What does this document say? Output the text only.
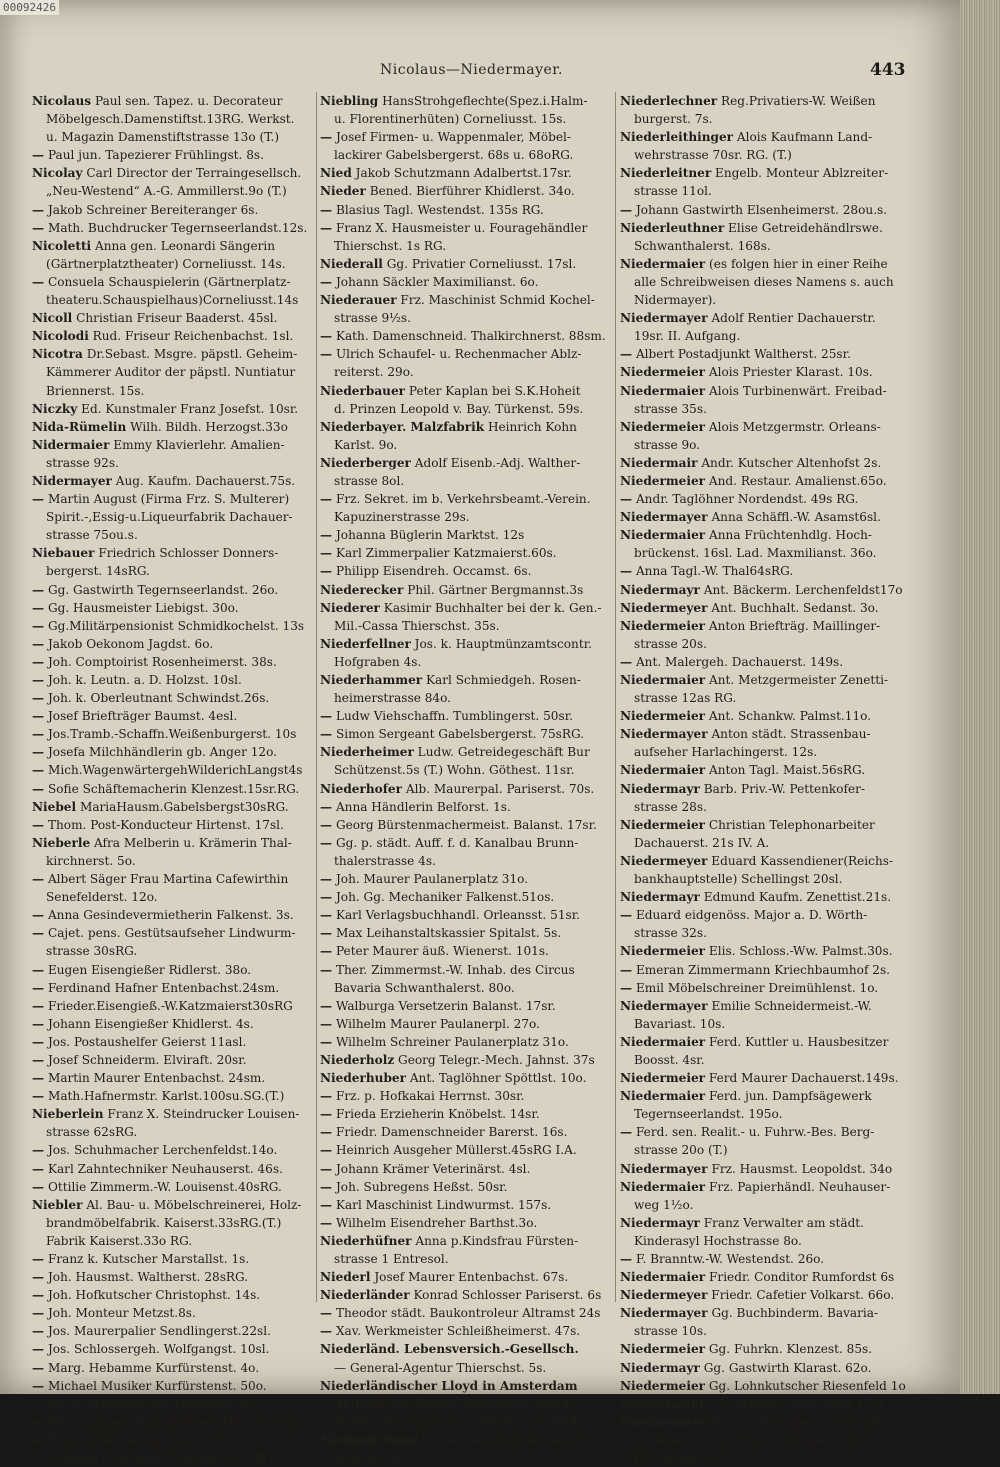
00092426
Nicolaus—Niedermayer.	443
Nicolaus Paul sen. Tapez. u. Decorateur
Möbelgesch.Damenstiftst.13RG. Werkst.
u. Magazin Damenstiftstrasse 13o (T.)
— Paul jun. Tapezierer Frühlingst. 8s.
Nicolay Carl Director der Terraingesellsch.
„Neu-Westend“ A.-G. Ammillerst.9o (T.)
— Jakob Schreiner Bereiteranger 6s.
— Math. Buchdrucker Tegernseerlandst.12s.
Nicoletti Anna gen. Leonardi Sängerin
(Gärtnerplatztheater) Corneliusst. 14s.
— Consuela Schauspielerin (Gärtnerplatz-
theateru.Schauspielhaus)Corneliusst.14s
Nicoll Christian Friseur Baaderst. 45sl.
Nicolodi Rud. Friseur Reichenbachst. 1sl.
Nicotra Dr.Sebast. Msgre. päpstl. Geheim-
Kämmerer Auditor der päpstl. Nuntiatur
Briennerst. 15s.
Niczky Ed. Kunstmaler Franz Josefst. 10sr.
Nida-Rümelin Wilh. Bildh. Herzogst.33o
Nidermaier Emmy Klavierlehr. Amalien-
strasse 92s.
Nidermayer Aug. Kaufm. Dachauerst.75s.
— Martin August (Firma Frz. S. Multerer)
Spirit.-,Essig-u.Liqueurfabrik Dachauer-
strasse 75ou.s.
Niebauer Friedrich Schlosser Donners-
bergerst. 14sRG.
— Gg. Gastwirth Tegernseerlandst. 26o.
— Gg. Hausmeister Liebigst. 30o.
— Gg.Militärpensionist Schmidkochelst. 13s
— Jakob Oekonom Jagdst. 6o.
— Joh. Comptoirist Rosenheimerst. 38s.
— Joh. k. Leutn. a. D. Holzst. 10sl.
— Joh. k. Oberleutnant Schwindst.26s.
— Josef Briefträger Baumst. 4esl.
— Jos.Tramb.-Schaffn.Weißenburgerst. 10s
— Josefa Milchhändlerin gb. Anger 12o.
— Mich.WagenwärtergehWilderichLangst4s
— Sofie Schäftemacherin Klenzest.15sr.RG.
Niebel MariaHausm.Gabelsbergst30sRG.
— Thom. Post-Konducteur Hirtenst. 17sl.
Nieberle Afra Melberin u. Krämerin Thal-
kirchnerst. 5o.
— Albert Säger Frau Martina Cafewirthin
Senefelderst. 12o.
— Anna Gesindevermietherin Falkenst. 3s.
— Cajet. pens. Gestütsaufseher Lindwurm-
strasse 30sRG.
— Eugen Eisengießer Ridlerst. 38o.
— Ferdinand Hafner Entenbachst.24sm.
— Frieder.Eisengieß.-W.Katzmaierst30sRG
— Johann Eisengießer Khidlerst. 4s.
— Jos. Postaushelfer Geierst 11asl.
— Josef Schneiderm. Elviraft. 20sr.
— Martin Maurer Entenbachst. 24sm.
— Math.Hafnermstr. Karlst.100su.SG.(T.)
Nieberlein Franz X. Steindrucker Louisen-
strasse 62sRG.
— Jos. Schuhmacher Lerchenfeldst.14o.
— Karl Zahntechniker Neuhauserst. 46s.
— Ottilie Zimmerm.-W. Louisenst.40sRG.
Niebler Al. Bau- u. Möbelschreinerei, Holz-
brandmöbelfabrik. Kaiserst.33sRG.(T.)
Fabrik Kaiserst.33o RG.
— Franz k. Kutscher Marstallst. 1s.
— Joh. Hausmst. Waltherst. 28sRG.
— Joh. Hofkutscher Christophst. 14s.
— Joh. Monteur Metzst.8s.
— Jos. Maurerpalier Sendlingerst.22sl.
— Jos. Schlossergeh. Wolfgangst. 10sl.
— Marg. Hebamme Kurfürstenst. 4o.
— Michael Musiker Kurfürstenst. 50o.
— Mich. Schuhmacher Isabellast. 8s.
— Mich. Zimmerm. Tegernseerlandst. 189s.
— Wilh. Schlosser Ungererst. 9os.
— Wilhelm Schreiner,Frühlingst.16sRG.
Niebling HansStrohgeflechte(Spez.i.Halm-
u. Florentinerhüten) Corneliusst. 15s.
— Josef Firmen- u. Wappenmaler, Möbel-
lackirer Gabelsbergerst. 68s u. 68oRG.
Nied Jakob Schutzmann Adalbertst.17sr.
Nieder Bened. Bierführer Khidlerst. 34o.
— Blasius Tagl. Westendst. 135s RG.
— Franz X. Hausmeister u. Fouragehändler
Thierschst. 1s RG.
Niederall Gg. Privatier Corneliusst. 17sl.
— Johann Säckler Maximilianst. 6o.
Niederauer Frz. Maschinist Schmid Kochel-
strasse 9½s.
— Kath. Damenschneid. Thalkirchnerst. 88sm.
— Ulrich Schaufel- u. Rechenmacher Ablz-
reiterst. 29o.
Niederbauer Peter Kaplan bei S.K.Hoheit
d. Prinzen Leopold v. Bay. Türkenst. 59s.
Niederbayer. Malzfabrik Heinrich Kohn
Karlst. 9o.
Niederberger Adolf Eisenb.-Adj. Walther-
strasse 8ol.
— Frz. Sekret. im b. Verkehrsbeamt.-Verein.
Kapuzinerstrasse 29s.
— Johanna Büglerin Marktst. 12s
— Karl Zimmerpalier Katzmaierst.60s.
— Philipp Eisendreh. Occamst. 6s.
Niederecker Phil. Gärtner Bergmannst.3s
Niederer Kasimir Buchhalter bei der k. Gen.-
Mil.-Cassa Thierschst. 35s.
Niederfellner Jos. k. Hauptmünzamtscontr.
Hofgraben 4s.
Niederhammer Karl Schmiedgeh. Rosen-
heimerstrasse 84o.
— Ludw Viehschaffn. Tumblingerst. 50sr.
— Simon Sergeant Gabelsbergerst. 75sRG.
Niederheimer Ludw. Getreidegeschäft Bur
Schützenst.5s (T.) Wohn. Göthest. 11sr.
Niederhofer Alb. Maurerpal. Pariserst. 70s.
— Anna Händlerin Belforst. 1s.
— Georg Bürstenmachermeist. Balanst. 17sr.
— Gg. p. städt. Auff. f. d. Kanalbau Brunn-
thalerstrasse 4s.
— Joh. Maurer Paulanerplatz 31o.
— Joh. Gg. Mechaniker Falkenst.51os.
— Karl Verlagsbuchhandl. Orleansst. 51sr.
— Max Leihanstaltskassier Spitalst. 5s.
— Peter Maurer äuß. Wienerst. 101s.
— Ther. Zimmermst.-W. Inhab. des Circus
Bavaria Schwanthalerst. 80o.
— Walburga Versetzerin Balanst. 17sr.
— Wilhelm Maurer Paulanerpl. 27o.
— Wilhelm Schreiner Paulanerplatz 31o.
Niederholz Georg Telegr.-Mech. Jahnst. 37s
Niederhuber Ant. Taglöhner Spöttlst. 10o.
— Frz. p. Hofkakai Herrnst. 30sr.
— Frieda Erzieherin Knöbelst. 14sr.
— Friedr. Damenschneider Barerst. 16s.
— Heinrich Ausgeher Müllerst.45sRG I.A.
— Johann Krämer Veterinärst. 4sl.
— Joh. Subregens Heßst. 50sr.
— Karl Maschinist Lindwurmst. 157s.
— Wilhelm Eisendreher Barthst.3o.
Niederhüfner Anna p.Kindsfrau Fürsten-
strasse 1 Entresol.
Niederl Josef Maurer Entenbachst. 67s.
Niederländer Konrad Schlosser Pariserst. 6s
— Theodor städt. Baukontroleur Altramst 24s
— Xav. Werkmeister Schleißheimerst. 47s.
Niederländ. Lebensversich.-Gesellsch.
— General-Agentur Thierschst. 5s.
Niederländischer Lloyd in Amsterdam
Abtheilg. für Einbruchdiebstahlversich.
Subdir. Fa. Schüleru. Löfflerkarlst. 54(T.)
Niederlechner Lorenz Monteur Ablzreiter-
strasse 23sr.RG.
Niederlechner Reg.Privatiers-W. Weißen
burgerst. 7s.
Niederleithinger Alois Kaufmann Land-
wehrstrasse 70sr. RG. (T.)
Niederleitner Engelb. Monteur Ablzreiter-
strasse 11ol.
— Johann Gastwirth Elsenheimerst. 28ou.s.
Niederleuthner Elise Getreidehändlrswe.
Schwanthalerst. 168s.
Niedermaier (es folgen hier in einer Reihe
alle Schreibweisen dieses Namens s. auch
Nidermayer).
Niedermayer Adolf Rentier Dachauerstr.
19sr. II. Aufgang.
— Albert Postadjunkt Waltherst. 25sr.
Niedermeier Alois Priester Klarast. 10s.
Niedermaier Alois Turbinenwärt. Freibad-
strasse 35s.
Niedermeier Alois Metzgermstr. Orleans-
strasse 9o.
Niedermair Andr. Kutscher Altenhofst 2s.
Niedermeier And. Restaur. Amalienst.65o.
— Andr. Taglöhner Nordendst. 49s RG.
Niedermayer Anna Schäffl.-W. Asamst6sl.
Niedermaier Anna Früchtenhdlg. Hoch-
brückenst. 16sl. Lad. Maxmilianst. 36o.
— Anna Tagl.-W. Thal64sRG.
Niedermayr Ant. Bäckerm. Lerchenfeldst17o
Niedermeyer Ant. Buchhalt. Sedanst. 3o.
Niedermeier Anton Briefträg. Maillinger-
strasse 20s.
— Ant. Malergeh. Dachauerst. 149s.
Niedermaier Ant. Metzgermeister Zenetti-
strasse 12as RG.
Niedermeier Ant. Schankw. Palmst.11o.
Niedermayer Anton städt. Strassenbau-
aufseher Harlachingerst. 12s.
Niedermaier Anton Tagl. Maist.56sRG.
Niedermayr Barb. Priv.-W. Pettenkofer-
strasse 28s.
Niedermeier Christian Telephonarbeiter
Dachauerst. 21s IV. A.
Niedermeyer Eduard Kassendiener(Reichs-
bankhauptstelle) Schellingst 20sl.
Niedermayr Edmund Kaufm. Zenettist.21s.
— Eduard eidgenöss. Major a. D. Wörth-
strasse 32s.
Niedermeier Elis. Schloss.-Ww. Palmst.30s.
— Emeran Zimmermann Kriechbaumhof 2s.
— Emil Möbelschreiner Dreimühlenst. 1o.
Niedermayer Emilie Schneidermeist.-W.
Bavariast. 10s.
Niedermaier Ferd. Kuttler u. Hausbesitzer
Boosst. 4sr.
Niedermeier Ferd Maurer Dachauerst.149s.
Niedermaier Ferd. jun. Dampfsägewerk
Tegernseerlandst. 195o.
— Ferd. sen. Realit.- u. Fuhrw.-Bes. Berg-
strasse 20o (T.)
Niedermayer Frz. Hausmst. Leopoldst. 34o
Niedermaier Frz. Papierhändl. Neuhauser-
weg 1½o.
Niedermayr Franz Verwalter am städt.
Kinderasyl Hochstrasse 8o.
— F. Branntw.-W. Westendst. 26o.
Niedermaier Friedr. Conditor Rumfordst 6s
Niedermeyer Friedr. Cafetier Volkarst. 66o.
Niedermayer Gg. Buchbinderm. Bavaria-
strasse 10s.
Niedermeier Gg. Fuhrkn. Klenzest. 85s.
Niedermayr Gg. Gastwirth Klarast. 62o.
Niedermeier Gg. Lohnkutscher Riesenfeld 1o
Niedermaier Gg. Schrein. Schwindst 17sr.
Niedermayer Georg Theeimport-Geschäft
u. Inhab. d. Fa. „Ferdinand Niemeit“
Bürkleinst. 1sl.
